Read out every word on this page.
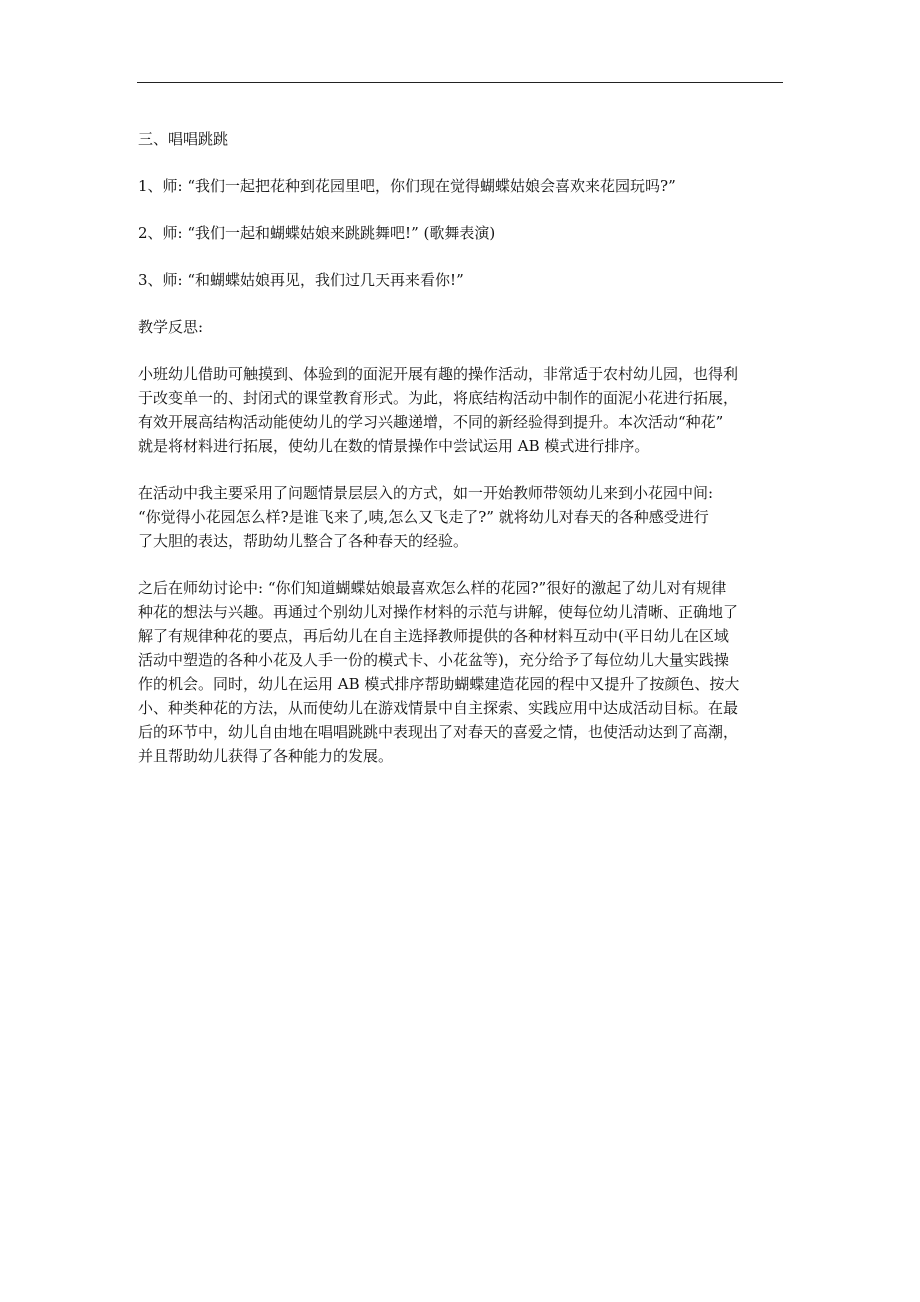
三、唱唱跳跳
1、师: “我们一起把花种到花园里吧，你们现在觉得蝴蝶姑娘会喜欢来花园玩吗?”
2、师: “我们一起和蝴蝶姑娘来跳跳舞吧!” (歌舞表演)
3、师: “和蝴蝶姑娘再见，我们过几天再来看你!”
教学反思:
小班幼儿借助可触摸到、体验到的面泥开展有趣的操作活动，非常适于农村幼儿园，也得利
于改变单一的、封闭式的课堂教育形式。为此，将底结构活动中制作的面泥小花进行拓展，
有效开展高结构活动能使幼儿的学习兴趣递增，不同的新经验得到提升。本次活动“种花”
就是将材料进行拓展，使幼儿在数的情景操作中尝试运用 AB 模式进行排序。
在活动中我主要采用了问题情景层层入的方式，如一开始教师带领幼儿来到小花园中间:
“你觉得小花园怎么样?是谁飞来了,咦,怎么又飞走了?” 就将幼儿对春天的各种感受进行
了大胆的表达，帮助幼儿整合了各种春天的经验。
之后在师幼讨论中: “你们知道蝴蝶姑娘最喜欢怎么样的花园?”很好的激起了幼儿对有规律
种花的想法与兴趣。再通过个别幼儿对操作材料的示范与讲解，使每位幼儿清晰、正确地了
解了有规律种花的要点，再后幼儿在自主选择教师提供的各种材料互动中(平日幼儿在区域
活动中塑造的各种小花及人手一份的模式卡、小花盆等)，充分给予了每位幼儿大量实践操
作的机会。同时，幼儿在运用 AB 模式排序帮助蝴蝶建造花园的程中又提升了按颜色、按大
小、种类种花的方法，从而使幼儿在游戏情景中自主探索、实践应用中达成活动目标。在最
后的环节中，幼儿自由地在唱唱跳跳中表现出了对春天的喜爱之情，也使活动达到了高潮，
并且帮助幼儿获得了各种能力的发展。
